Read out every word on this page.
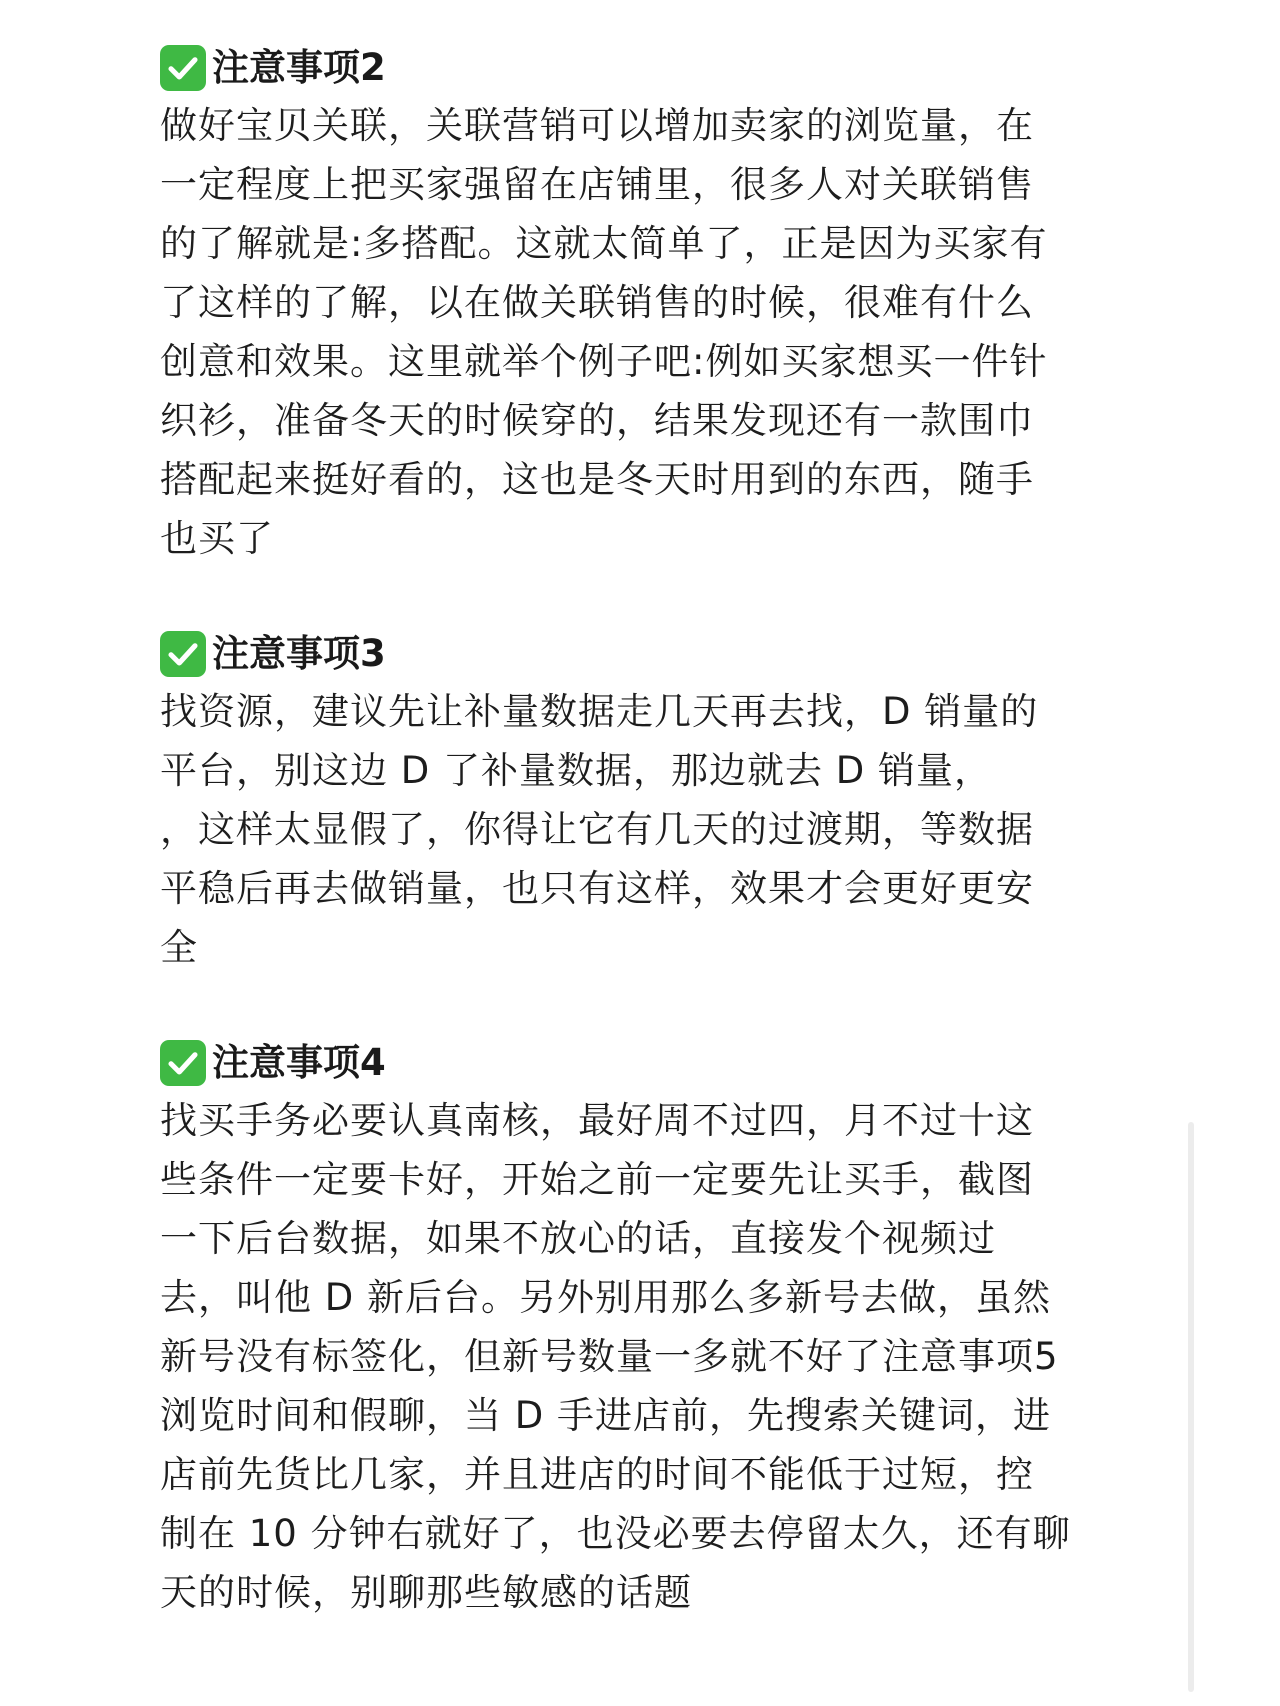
注意事项2

做好宝贝关联，关联营销可以增加卖家的浏览量，在
一定程度上把买家强留在店铺里，很多人对关联销售
的了解就是:多搭配。这就太简单了，正是因为买家有
了这样的了解，以在做关联销售的时候，很难有什么
创意和效果。这里就举个例子吧:例如买家想买一件针
织衫，准备冬天的时候穿的，结果发现还有一款围巾
搭配起来挺好看的，这也是冬天时用到的东西，随手
也买了

注意事项3

找资源，建议先让补量数据走几天再去找，D 销量的
平台，别这边 D 了补量数据，那边就去 D 销量，
，这样太显假了，你得让它有几天的过渡期，等数据
平稳后再去做销量，也只有这样，效果才会更好更安
全

注意事项4

找买手务必要认真南核，最好周不过四，月不过十这
些条件一定要卡好，开始之前一定要先让买手，截图
一下后台数据，如果不放心的话，直接发个视频过
去，叫他 D 新后台。另外别用那么多新号去做，虽然
新号没有标签化，但新号数量一多就不好了注意事项5
浏览时间和假聊，当 D 手进店前，先搜索关键词，进
店前先货比几家，并且进店的时间不能低于过短，控
制在 10 分钟右就好了，也没必要去停留太久，还有聊
天的时候，别聊那些敏感的话题
